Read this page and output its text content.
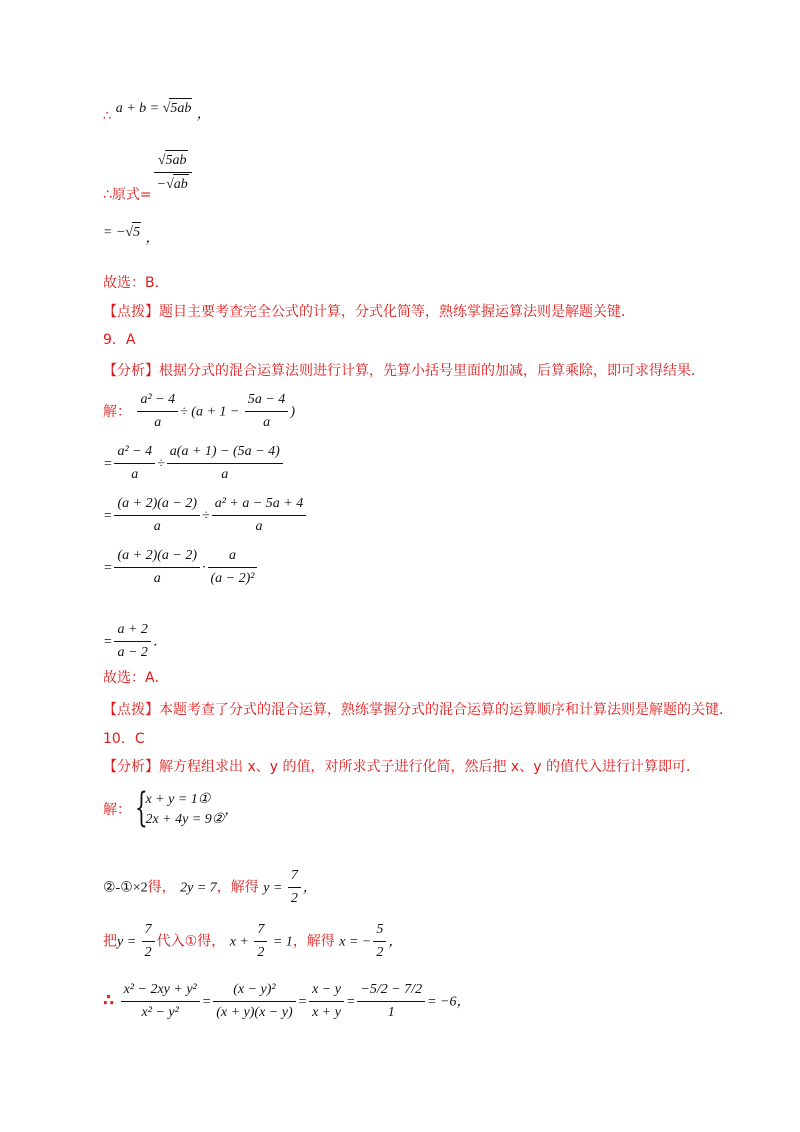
∴ a + b = √5ab ，
∴原式= $\frac{√5ab}{-√ab}$
= −√5 ，
故选：B．
【点拨】题目主要考查完全公式的计算，分式化简等，熟练掌握运算法则是解题关键．
9．A
【分析】根据分式的混合运算法则进行计算，先算小括号里面的加减，后算乘除，即可求得结果．
解： $\frac{\text{a² − 4}}{a} \div (a + 1 - \frac{5a - 4}{a}$ )
= $\frac{\text{a² − 4}}{a} \div \frac{a(a + 1) - (5a - 4)}{a}$
= $\frac{(a + 2)(a - 2)}{a} \div \frac{\text{a² + a − 5a + 4}}{a}$
= $\frac{(a + 2)(a - 2)}{a} \cdot \frac{a}{\text{(a − 2)²}}$
= $\frac{a + 2}{a - 2}$ ．
故选：A．
【点拨】本题考查了分式的混合运算，熟练掌握分式的混合运算的运算顺序和计算法则是解题的关键．
10．C
【分析】解方程组求出 x、y 的值，对所求式子进行化简，然后把 x、y 的值代入进行计算即可．
解： {
x + y = 1①
2x + 4y = 9②
，
②-①×2得， 2y = 7，解得 $y = \frac{7}{2}$ ，
把$y = \frac{7}{2}$ 代入①得， $x + \frac{7}{2} = 1$，解得 x = − $\frac{5}{2}$ ，
∴ $\frac{\text{x² − 2xy + y²}}{\text{x² − y²}} = \frac{\text{(x − y)²}}{(x + y)(x - y)} = \frac{x - y}{x + y} = \frac{-5/2 - 7/2}{1} = -6$，
